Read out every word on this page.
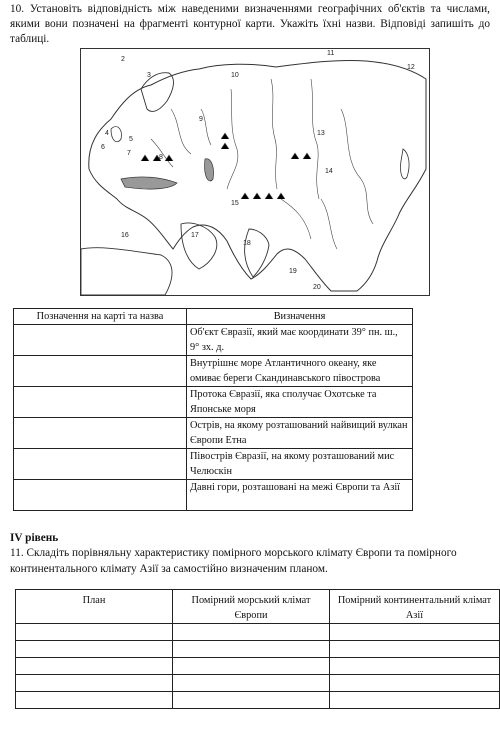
10. Установіть відповідність між наведеними визначеннями географічних об'єктів та числами, якими вони позначені на фрагменті контурної карти. Укажіть їхні назви. Відповіді запишіть до таблиці.
2
3
4
5
6
7
8
9
10
11
12
13
14
15
16	17
18
19
20
Позначення на карті та назва	Визначення
	Об'єкт Євразії, який має координати 39° пн. ш., 9° зх. д.
	Внутрішнє море Атлантичного океану, яке омиває береги Скандинавського півострова
	Протока Євразії, яка сполучає Охотське та Японське моря
	Острів, на якому розташований найвищий вулкан Європи Етна
	Півострів Євразії, на якому розташований мис Челюскін
	Давні гори, розташовані на межі Європи та Азії
IV рівень
11. Складіть порівняльну характеристику помірного морського клімату Європи та помірного континентального клімату Азії за самостійно визначеним планом.
План	Помірний морський клімат Європи	Помірний континентальний клімат Азії
